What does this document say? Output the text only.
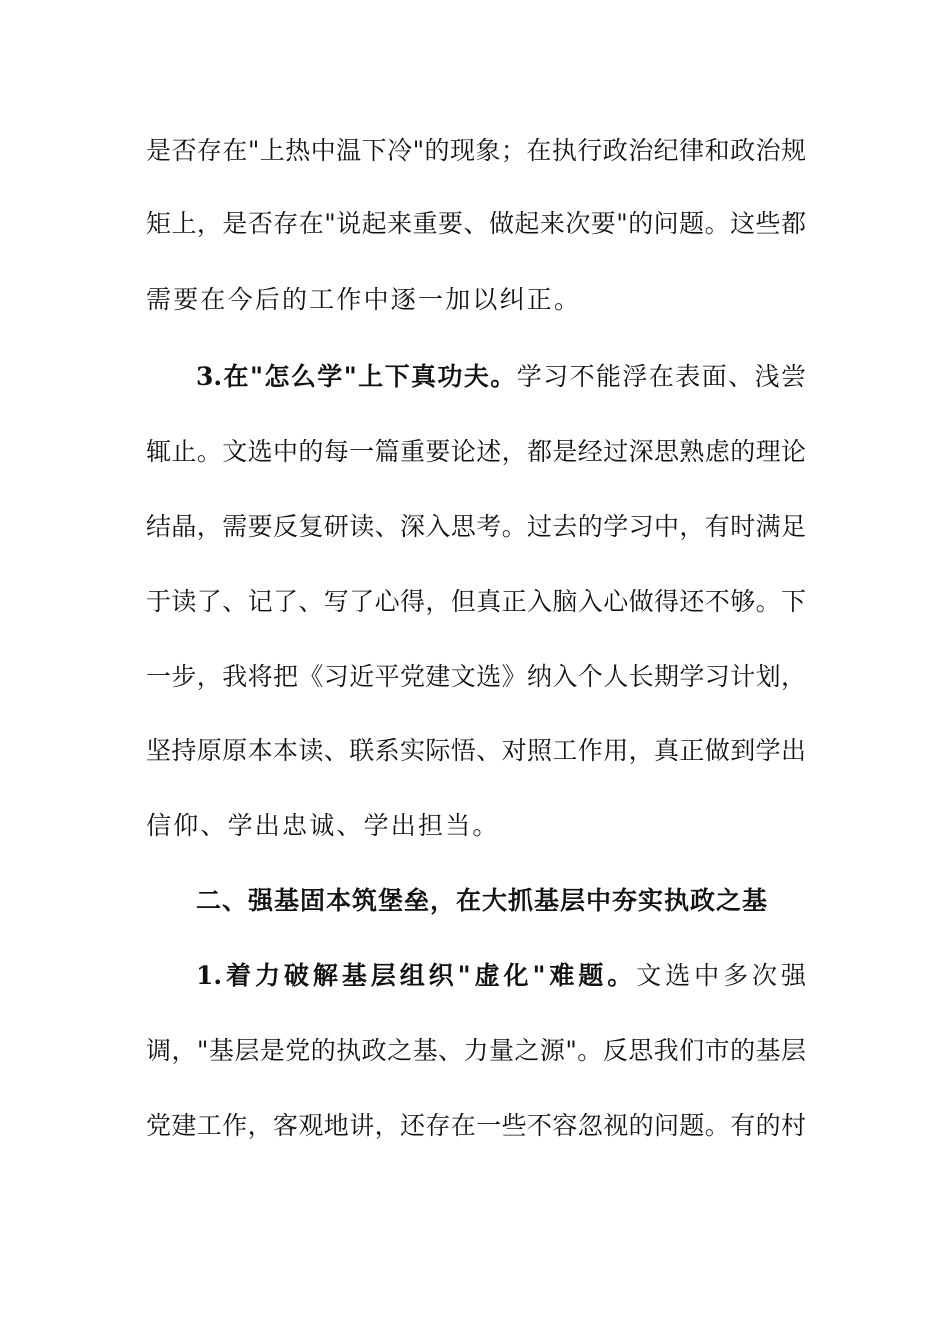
是否存在"上热中温下冷"的现象；在执行政治纪律和政治规
矩上，是否存在"说起来重要、做起来次要"的问题。这些都
需要在今后的工作中逐一加以纠正。
3.在"怎么学"上下真功夫。学习不能浮在表面、浅尝
辄止。文选中的每一篇重要论述，都是经过深思熟虑的理论
结晶，需要反复研读、深入思考。过去的学习中，有时满足
于读了、记了、写了心得，但真正入脑入心做得还不够。下
一步，我将把《习近平党建文选》纳入个人长期学习计划，
坚持原原本本读、联系实际悟、对照工作用，真正做到学出
信仰、学出忠诚、学出担当。
二、强基固本筑堡垒，在大抓基层中夯实执政之基
1.着力破解基层组织"虚化"难题。文选中多次强
调，"基层是党的执政之基、力量之源"。反思我们市的基层
党建工作，客观地讲，还存在一些不容忽视的问题。有的村
